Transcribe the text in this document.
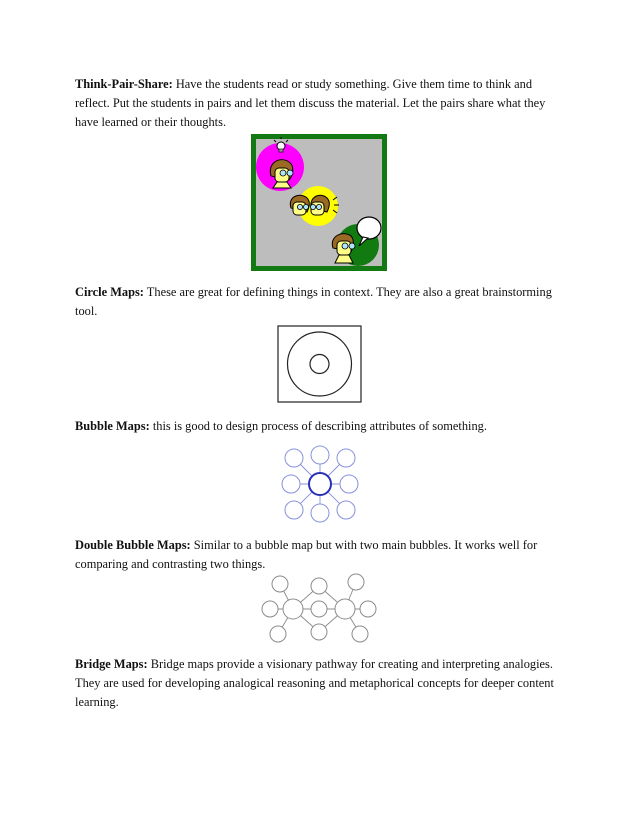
Think-Pair-Share: Have the students read or study something. Give them time to think and reflect. Put the students in pairs and let them discuss the material. Let the pairs share what they have learned or their thoughts.

Circle Maps: These are great for defining things in context. They are also a great brainstorming tool.

Bubble Maps: this is good to design process of describing attributes of something.

Double Bubble Maps: Similar to a bubble map but with two main bubbles. It works well for comparing and contrasting two things.

Bridge Maps: Bridge maps provide a visionary pathway for creating and interpreting analogies. They are used for developing analogical reasoning and metaphorical concepts for deeper content learning.
